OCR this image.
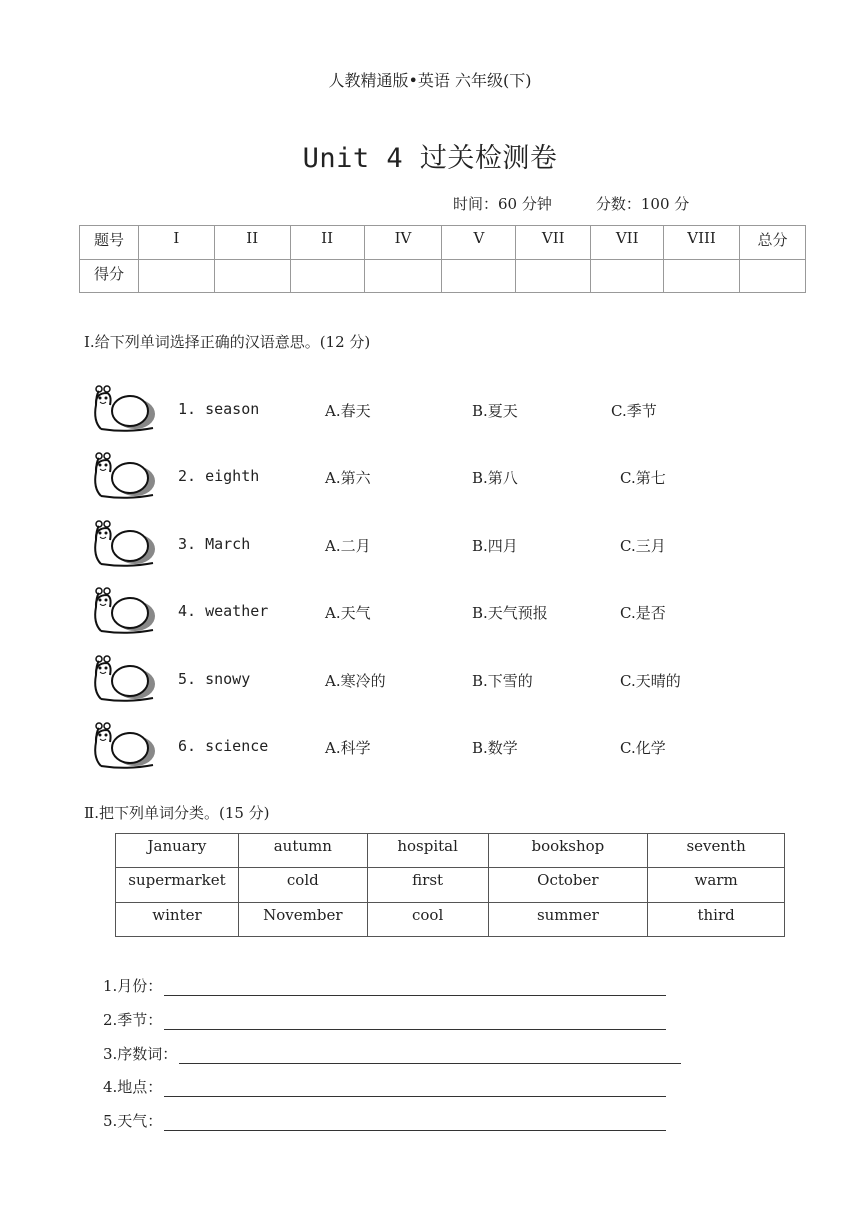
人教精通版•英语 六年级(下)
Unit 4 过关检测卷
时间：60 分钟	分数：100 分
题号	I	II	II	IV	V	VII	VII	VIII	总分
得分									
Ⅰ.给下列单词选择正确的汉语意思。(12 分)
1. season	A.春天	B.夏天	C.季节
2. eighth	A.第六	B.第八	C.第七
3. March	A.二月	B.四月	C.三月
4. weather	A.天气	B.天气预报	C.是否
5. snowy	A.寒冷的	B.下雪的	C.天晴的
6. science	A.科学	B.数学	C.化学
Ⅱ.把下列单词分类。(15 分)
January	autumn	hospital	bookshop	seventh
supermarket	cold	first	October	warm
winter	November	cool	summer	third
1.月份：
2.季节：
3.序数词：
4.地点：
5.天气：
